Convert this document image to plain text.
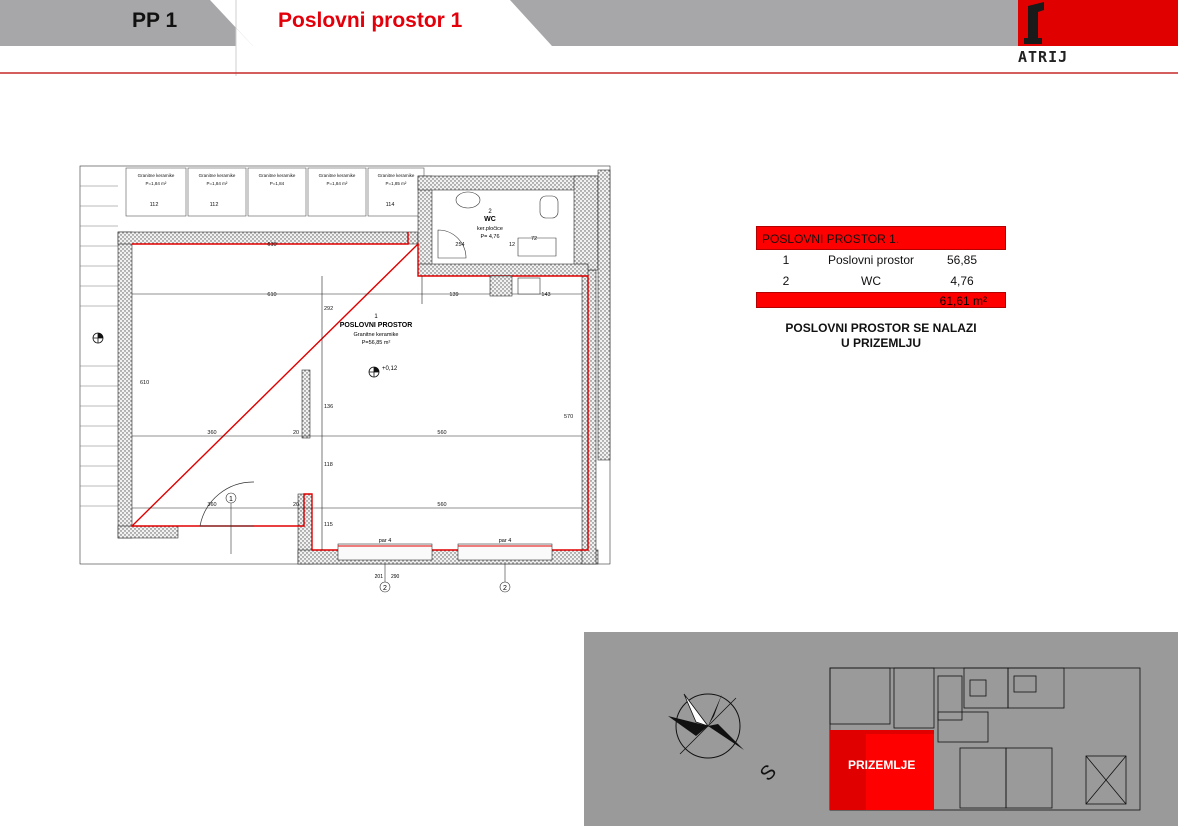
PP 1	Poslovni prostor 1
ATRIJ
1
1
POSLOVNI PROSTOR
Granitne keramike
P=56,85 m²
2
WC
ker.pločice
P= 4,76
+0,12
610
610	139
360	560
360	560
20
20
292
136
118
115
570
610
112	112	114
12
143
254
72
Granitne keramike
P=1,84 m²
Granitne keramike
P=1,84 m²
Granitne keramike
P=1,84
Granitne keramike
P=1,84 m²
Granitne keramike
P=1,85 m²
par 4	par 4
2	2
201 290
POSLOVNI PROSTOR 1.
1	Poslovni prostor	56,85
2	WC	4,76
61,61 m²
POSLOVNI PROSTOR SE NALAZI
U PRIZEMLJU
S	PRIZEMLJE
